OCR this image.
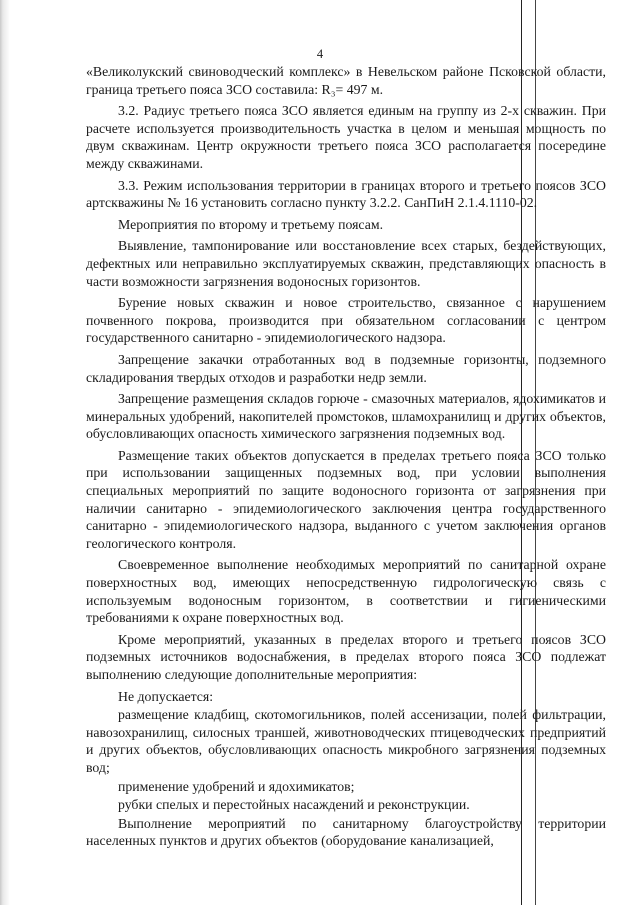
4

«Великолукский свиноводческий комплекс» в Невельском районе Псковской области, граница третьего пояса ЗСО составила: R₃= 497 м.

3.2. Радиус третьего пояса ЗСО является единым на группу из 2-х скважин. При расчете используется производительность участка в целом и меньшая мощность по двум скважинам. Центр окружности третьего пояса ЗСО располагается посередине между скважинами.

3.3. Режим использования территории в границах второго и третьего поясов ЗСО артскважины № 16 установить согласно пункту 3.2.2. СанПиН 2.1.4.1110-02.

Мероприятия по второму и третьему поясам.

Выявление, тампонирование или восстановление всех старых, бездействующих, дефектных или неправильно эксплуатируемых скважин, представляющих опасность в части возможности загрязнения водоносных горизонтов.

Бурение новых скважин и новое строительство, связанное с нарушением почвенного покрова, производится при обязательном согласовании с центром государственного санитарно - эпидемиологического надзора.

Запрещение закачки отработанных вод в подземные горизонты, подземного складирования твердых отходов и разработки недр земли.

Запрещение размещения складов горюче - смазочных материалов, ядохимикатов и минеральных удобрений, накопителей промстоков, шламохранилищ и других объектов, обусловливающих опасность химического загрязнения подземных вод.

Размещение таких объектов допускается в пределах третьего пояса ЗСО только при использовании защищенных подземных вод, при условии выполнения специальных мероприятий по защите водоносного горизонта от загрязнения при наличии санитарно - эпидемиологического заключения центра государственного санитарно - эпидемиологического надзора, выданного с учетом заключения органов геологического контроля.

Своевременное выполнение необходимых мероприятий по санитарной охране поверхностных вод, имеющих непосредственную гидрологическую связь с используемым водоносным горизонтом, в соответствии и гигиеническими требованиями к охране поверхностных вод.

Кроме мероприятий, указанных в пределах второго и третьего поясов ЗСО подземных источников водоснабжения, в пределах второго пояса ЗСО подлежат выполнению следующие дополнительные мероприятия:

Не допускается:

размещение кладбищ, скотомогильников, полей ассенизации, полей фильтрации, навозохранилищ, силосных траншей, животноводческих птицеводческих предприятий и других объектов, обусловливающих опасность микробного загрязнения подземных вод;

применение удобрений и ядохимикатов;

рубки спелых и перестойных насаждений и реконструкции.

Выполнение мероприятий по санитарному благоустройству территории населенных пунктов и других объектов (оборудование канализацией,
